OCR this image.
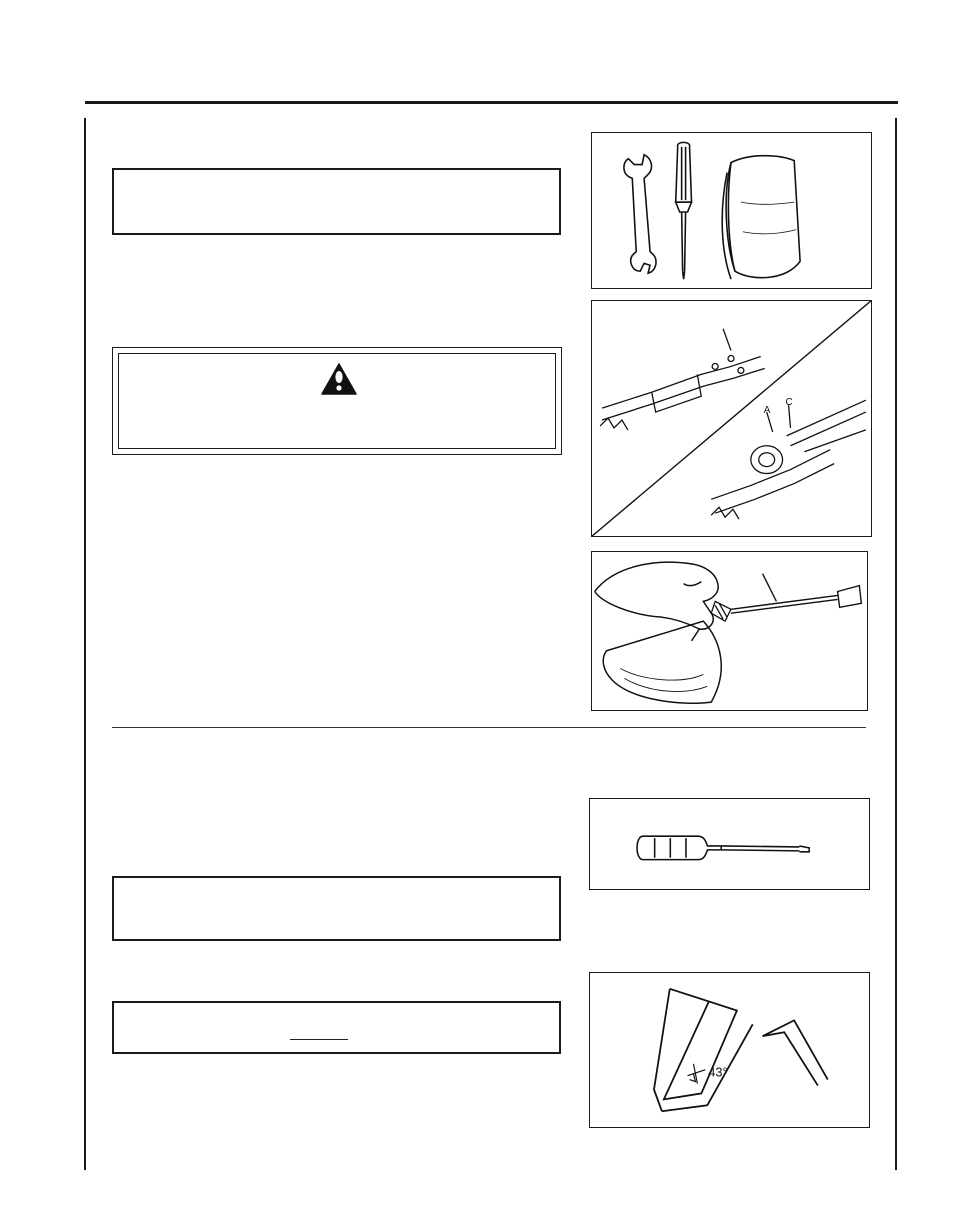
A
C
43°
